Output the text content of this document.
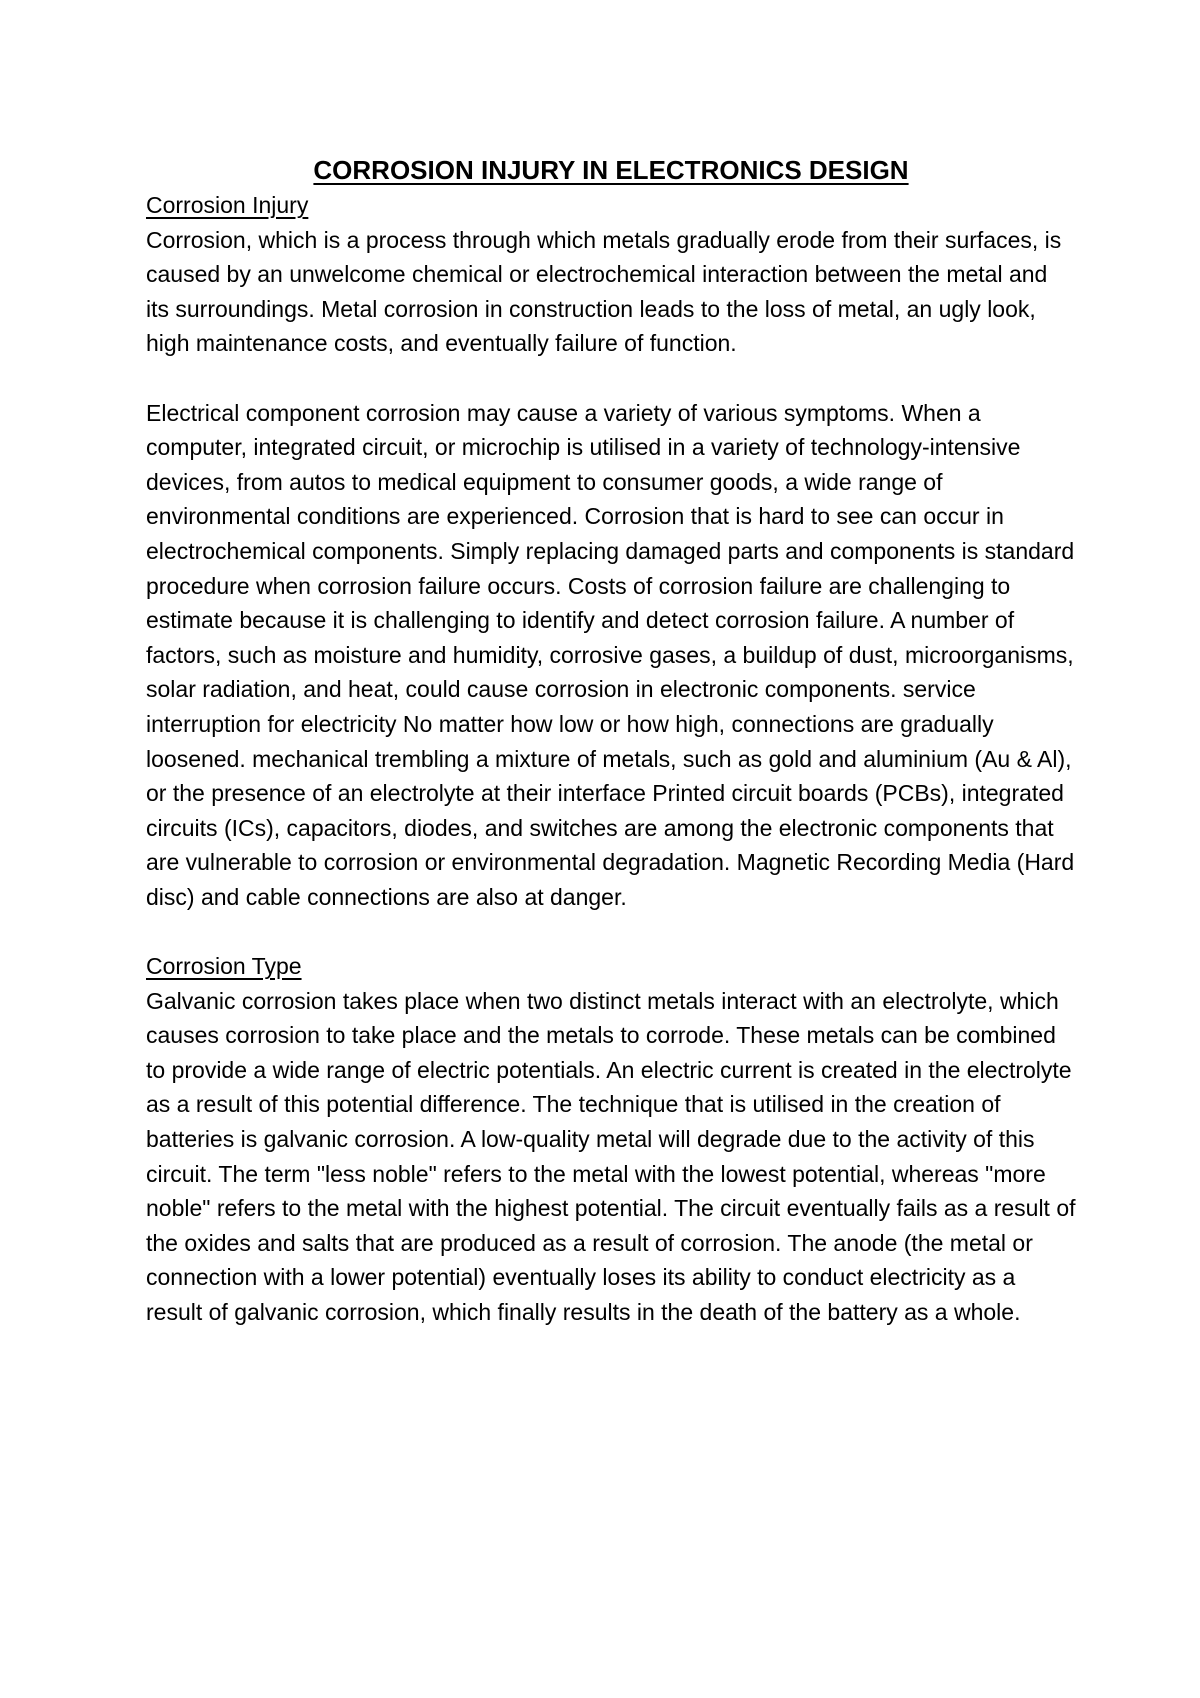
CORROSION INJURY IN ELECTRONICS DESIGN
Corrosion Injury

Corrosion, which is a process through which metals gradually erode from their surfaces, is caused by an unwelcome chemical or electrochemical interaction between the metal and its surroundings. Metal corrosion in construction leads to the loss of metal, an ugly look, high maintenance costs, and eventually failure of function.

Electrical component corrosion may cause a variety of various symptoms. When a computer, integrated circuit, or microchip is utilised in a variety of technology-intensive devices, from autos to medical equipment to consumer goods, a wide range of environmental conditions are experienced. Corrosion that is hard to see can occur in electrochemical components. Simply replacing damaged parts and components is standard procedure when corrosion failure occurs. Costs of corrosion failure are challenging to estimate because it is challenging to identify and detect corrosion failure. A number of factors, such as moisture and humidity, corrosive gases, a buildup of dust, microorganisms, solar radiation, and heat, could cause corrosion in electronic components. service interruption for electricity No matter how low or how high, connections are gradually loosened. mechanical trembling a mixture of metals, such as gold and aluminium (Au & Al), or the presence of an electrolyte at their interface Printed circuit boards (PCBs), integrated circuits (ICs), capacitors, diodes, and switches are among the electronic components that are vulnerable to corrosion or environmental degradation. Magnetic Recording Media (Hard disc) and cable connections are also at danger.

Corrosion Type

Galvanic corrosion takes place when two distinct metals interact with an electrolyte, which causes corrosion to take place and the metals to corrode. These metals can be combined to provide a wide range of electric potentials. An electric current is created in the electrolyte as a result of this potential difference. The technique that is utilised in the creation of batteries is galvanic corrosion. A low-quality metal will degrade due to the activity of this circuit. The term "less noble" refers to the metal with the lowest potential, whereas "more noble" refers to the metal with the highest potential. The circuit eventually fails as a result of the oxides and salts that are produced as a result of corrosion. The anode (the metal or connection with a lower potential) eventually loses its ability to conduct electricity as a result of galvanic corrosion, which finally results in the death of the battery as a whole.
